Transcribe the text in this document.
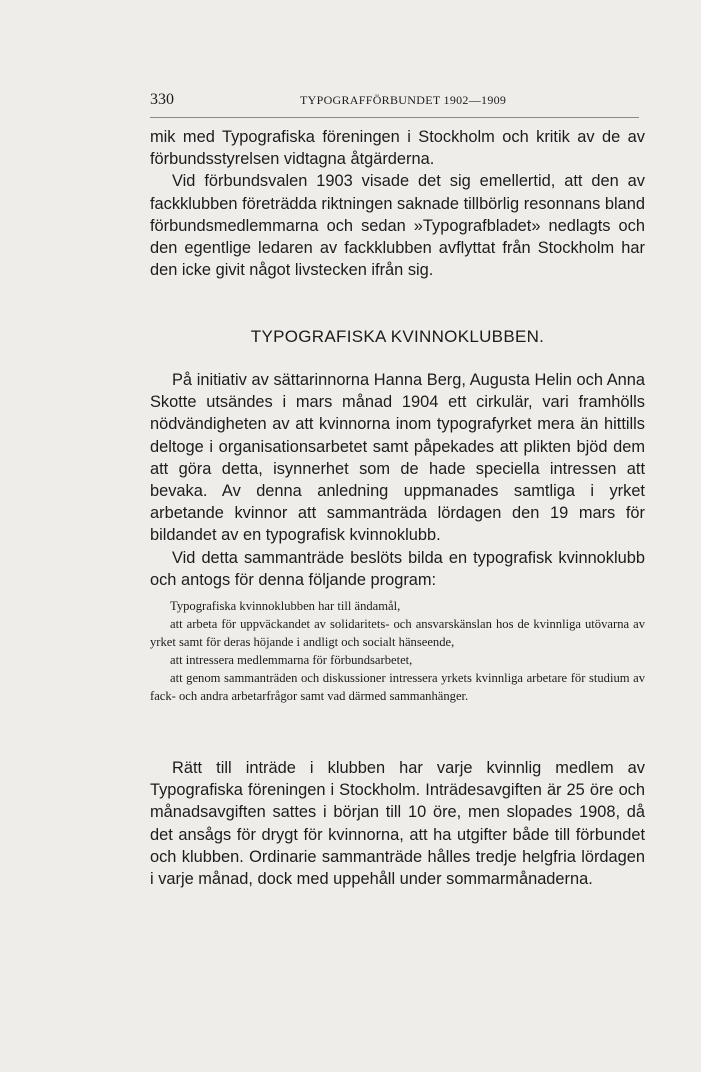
330	TYPOGRAFFÖRBUNDET 1902—1909

mik med Typografiska föreningen i Stockholm och kritik av de av förbundsstyrelsen vidtagna åtgärderna.

Vid förbundsvalen 1903 visade det sig emellertid, att den av fackklubben företrädda riktningen saknade tillbörlig resonnans bland förbundsmedlemmarna och sedan »Typografbladet» nedlagts och den egentlige ledaren av fackklubben avflyttat från Stockholm har den icke givit något livstecken ifrån sig.

TYPOGRAFISKA KVINNOKLUBBEN.

På initiativ av sättarinnorna Hanna Berg, Augusta Helin och Anna Skotte utsändes i mars månad 1904 ett cirkulär, vari framhölls nödvändigheten av att kvinnorna inom typografyrket mera än hittills deltoge i organisationsarbetet samt påpekades att plikten bjöd dem att göra detta, isynnerhet som de hade speciella intressen att bevaka. Av denna anledning uppmanades samtliga i yrket arbetande kvinnor att sammanträda lördagen den 19 mars för bildandet av en typografisk kvinnoklubb.

Vid detta sammanträde beslöts bilda en typografisk kvinnoklubb och antogs för denna följande program:

Typografiska kvinnoklubben har till ändamål,

att arbeta för uppväckandet av solidaritets- och ansvarskänslan hos de kvinnliga utövarna av yrket samt för deras höjande i andligt och socialt hänseende,

att intressera medlemmarna för förbundsarbetet,

att genom sammanträden och diskussioner intressera yrkets kvinnliga arbetare för studium av fack- och andra arbetarfrågor samt vad därmed sammanhänger.

Rätt till inträde i klubben har varje kvinnlig medlem av Typografiska föreningen i Stockholm. Inträdesavgiften är 25 öre och månadsavgiften sattes i början till 10 öre, men slopades 1908, då det ansågs för drygt för kvinnorna, att ha utgifter både till förbundet och klubben. Ordinarie sammanträde hålles tredje helgfria lördagen i varje månad, dock med uppehåll under sommarmånaderna.
